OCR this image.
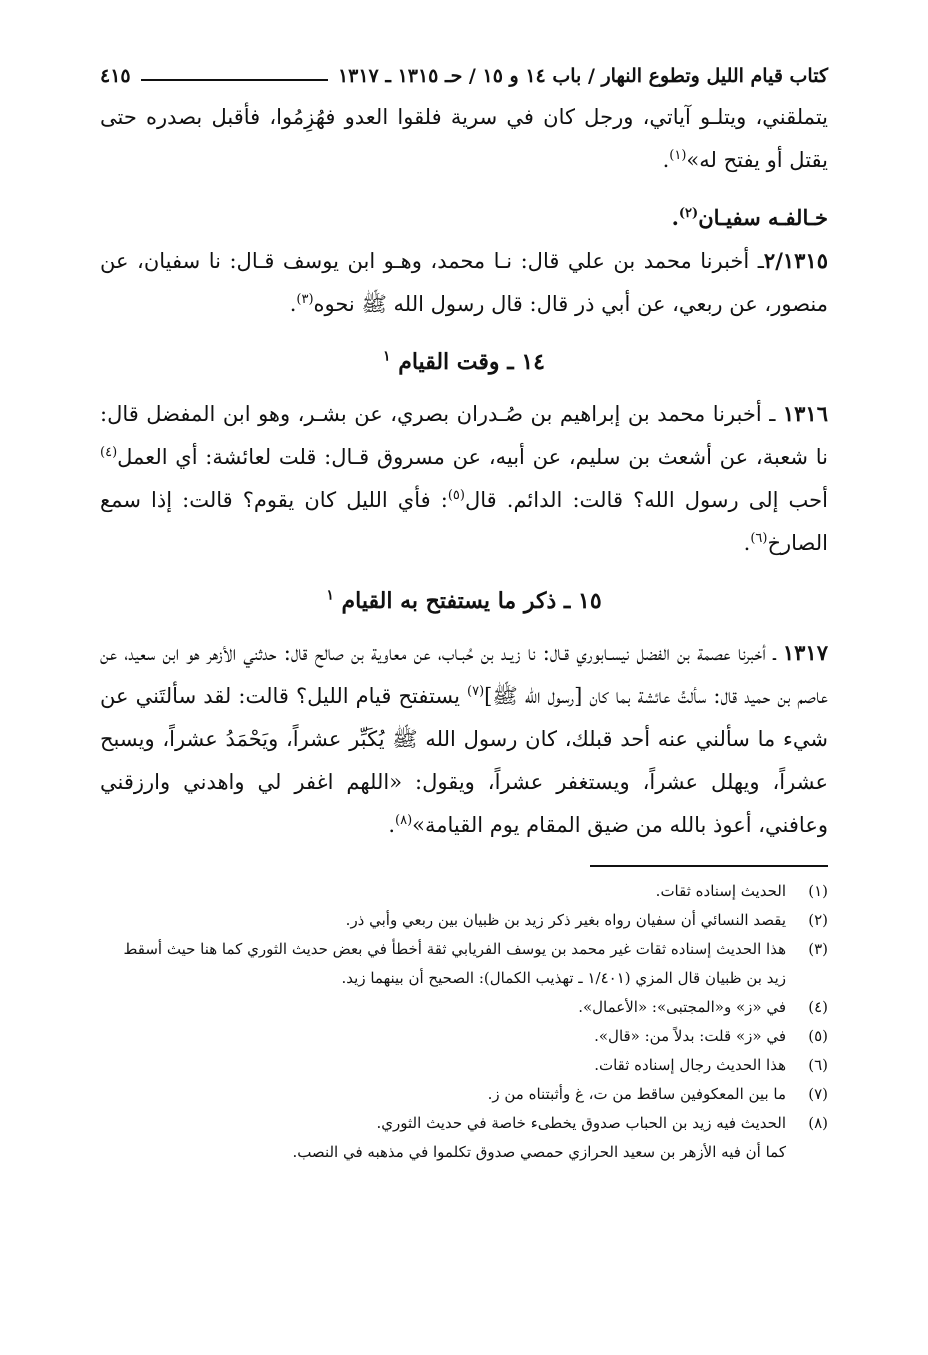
كتاب قيام الليل وتطوع النهار / باب ١٤ و ١٥ / حـ ١٣١٥ ـ ١٣١٧
٤١٥

يتملقني، ويتلـو آياتي، ورجل كان في سرية فلقوا العدو فهُزِمُوا، فأقبل بصدره حتى يقتل أو يفتح له»$^{(١)}$.

خـالفـه سفيـان$^{(٢)}$.

٢/١٣١٥ـ أخبرنا محمد بن علي قال: نـا محمد، وهـو ابن يوسف قـال: نا سفيان، عن منصور، عن ربعي، عن أبي ذر قال: قال رسول الله ﷺ نحوه$^{(٣)}$.

١٤ ـ وقت القيام $^١$

١٣١٦ ـ أخبرنا محمد بن إبراهيم بن صُـدران بصري، عن بشـر، وهو ابن المفضل قال: نا شعبة، عن أشعث بن سليم، عن أبيه، عن مسروق قـال: قلت لعائشة: أي العمل$^{(٤)}$ أحب إلى رسول الله؟ قالت: الدائم. قال$^{(٥)}$: فأي الليل كان يقوم؟ قالت: إذا سمع الصارخ$^{(٦)}$.

١٥ ـ ذكر ما يستفتح به القيام $^١$

١٣١٧ ـ أخبرنا عصمة بن الفضل نيسـابوري قـال: نا زيـد بن حُبـاب، عن معاوية بن صالح قال: حدثني الأزهر هو ابن سعيد، عن عاصم بن حميد قال: سألتُ عائشة بما كان [رسول الله ﷺ]$^{(٧)}$ يستفتح قيام الليل؟ قالت: لقد سألتَني عن شيء ما سألني عنه أحد قبلك، كان رسول الله ﷺ يُكَبِّر عشراً، ويَحْمَدُ عشراً، ويسبح عشراً، ويهلل عشراً، ويستغفر عشراً، ويقول: «اللهم اغفر لي واهدني وارزقني وعافني، أعوذ بالله من ضيق المقام يوم القيامة»$^{(٨)}$.

(١)
الحديث إسناده ثقات.
(٢)
يقصد النسائي أن سفيان رواه بغير ذكر زيد بن ظبيان بين ربعي وأبي ذر.
(٣)
هذا الحديث إسناده ثقات غير محمد بن يوسف الفريابي ثقة أخطأ في بعض حديث الثوري كما هنا حيث أسقط زيد بن ظبيان قال المزي (١/٤٠١ ـ تهذيب الكمال): الصحيح أن بينهما زيد.
(٤)
في «ز» و«المجتبى»: «الأعمال».
(٥)
في «ز» قلت: بدلاً من: «قال».
(٦)
هذا الحديث رجال إسناده ثقات.
(٧)
ما بين المعكوفين ساقط من ت، غ وأثبتناه من ز.
(٨)
الحديث فيه زيد بن الحباب صدوق يخطىء خاصة في حديث الثوري.
كما أن فيه الأزهر بن سعيد الحرازي حمصي صدوق تكلموا في مذهبه في النصب.
